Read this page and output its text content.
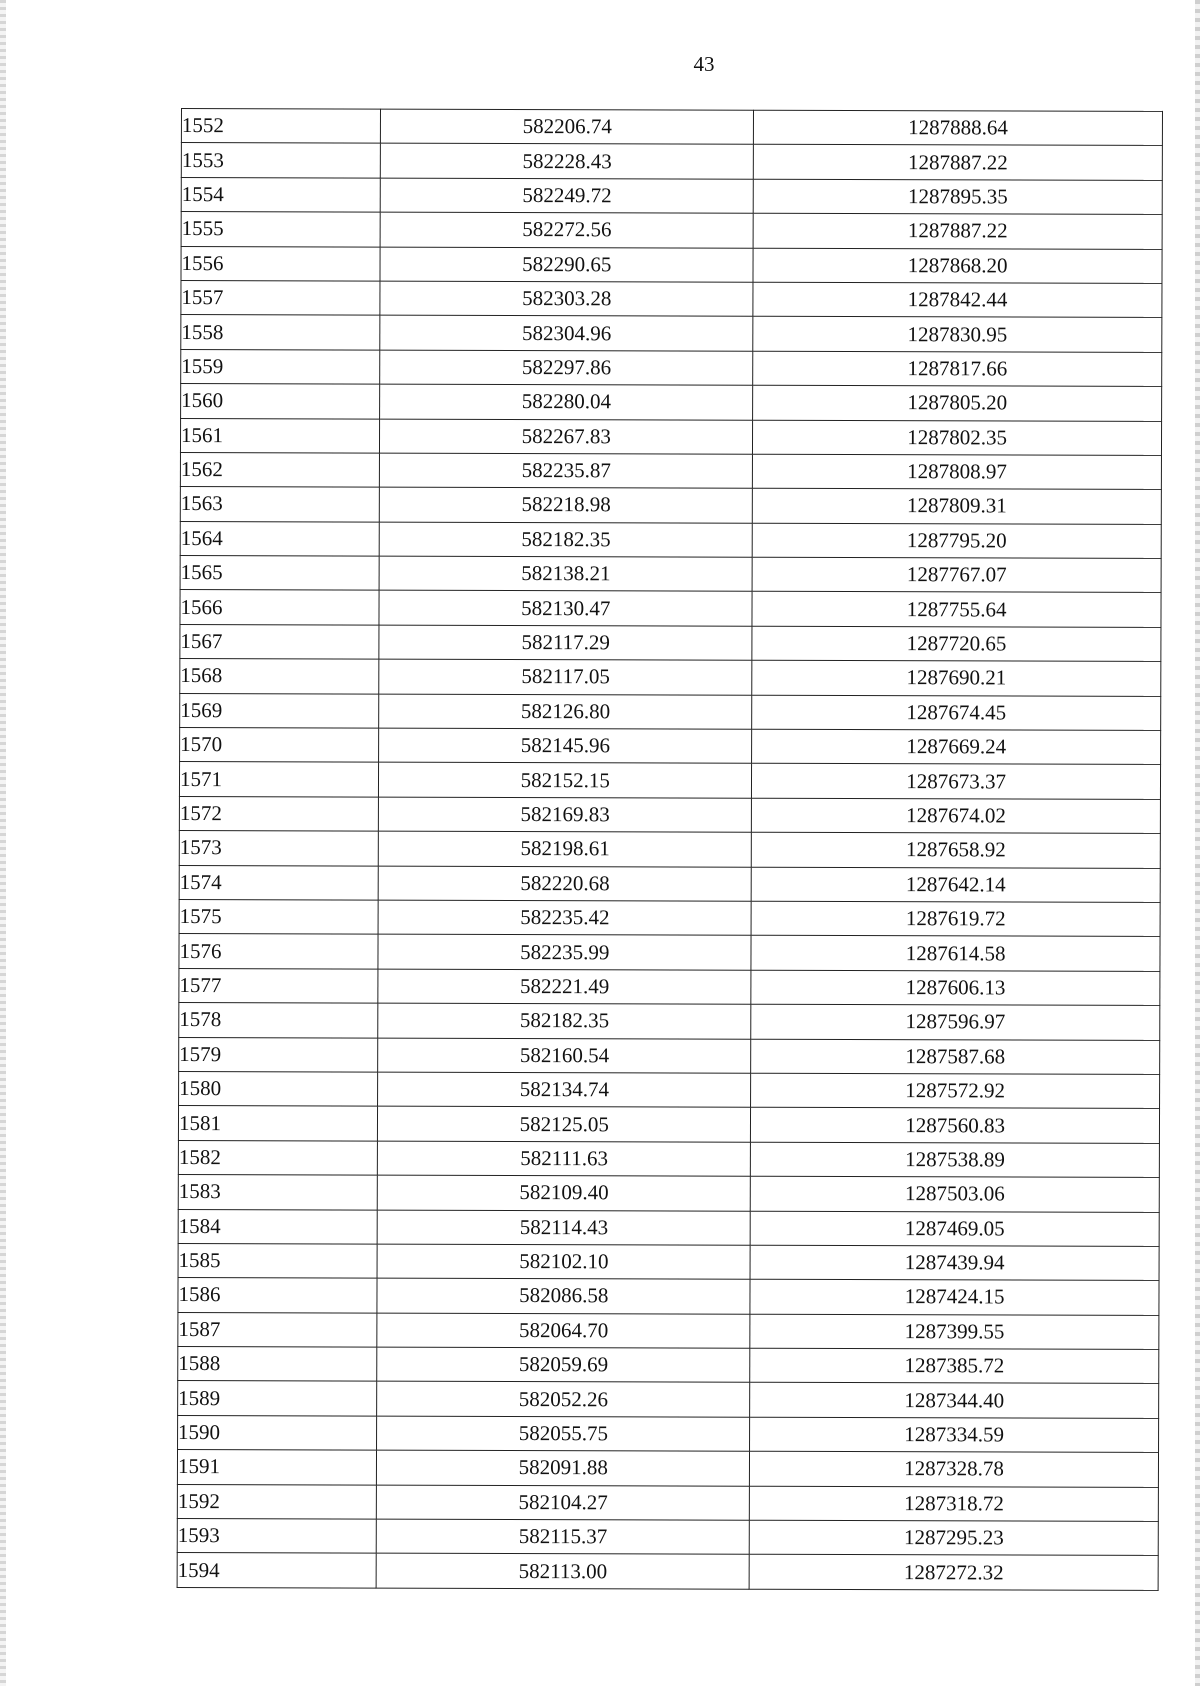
43
1552	582206.74	1287888.64
1553	582228.43	1287887.22
1554	582249.72	1287895.35
1555	582272.56	1287887.22
1556	582290.65	1287868.20
1557	582303.28	1287842.44
1558	582304.96	1287830.95
1559	582297.86	1287817.66
1560	582280.04	1287805.20
1561	582267.83	1287802.35
1562	582235.87	1287808.97
1563	582218.98	1287809.31
1564	582182.35	1287795.20
1565	582138.21	1287767.07
1566	582130.47	1287755.64
1567	582117.29	1287720.65
1568	582117.05	1287690.21
1569	582126.80	1287674.45
1570	582145.96	1287669.24
1571	582152.15	1287673.37
1572	582169.83	1287674.02
1573	582198.61	1287658.92
1574	582220.68	1287642.14
1575	582235.42	1287619.72
1576	582235.99	1287614.58
1577	582221.49	1287606.13
1578	582182.35	1287596.97
1579	582160.54	1287587.68
1580	582134.74	1287572.92
1581	582125.05	1287560.83
1582	582111.63	1287538.89
1583	582109.40	1287503.06
1584	582114.43	1287469.05
1585	582102.10	1287439.94
1586	582086.58	1287424.15
1587	582064.70	1287399.55
1588	582059.69	1287385.72
1589	582052.26	1287344.40
1590	582055.75	1287334.59
1591	582091.88	1287328.78
1592	582104.27	1287318.72
1593	582115.37	1287295.23
1594	582113.00	1287272.32
